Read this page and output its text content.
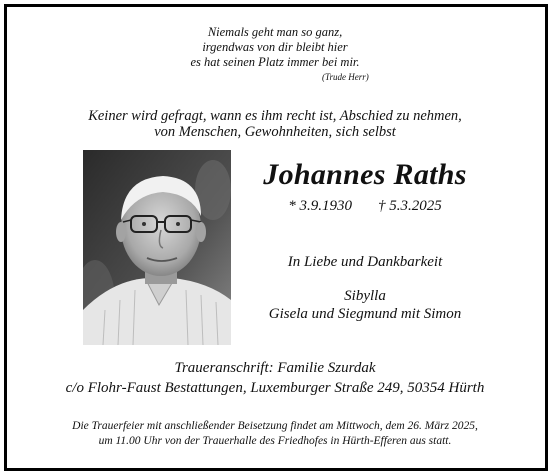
Niemals geht man so ganz,
irgendwas von dir bleibt hier
es hat seinen Platz immer bei mir.
(Trude Herr)
Keiner wird gefragt, wann es ihm recht ist, Abschied zu nehmen,
von Menschen, Gewohnheiten, sich selbst
Johannes Raths
* 3.9.1930 † 5.3.2025
In Liebe und Dankbarkeit
Sibylla
Gisela und Siegmund mit Simon
Traueranschrift: Familie Szurdak
c/o Flohr-Faust Bestattungen, Luxemburger Straße 249, 50354 Hürth
Die Trauerfeier mit anschließender Beisetzung findet am Mittwoch, dem 26. März 2025,
um 11.00 Uhr von der Trauerhalle des Friedhofes in Hürth-Efferen aus statt.
